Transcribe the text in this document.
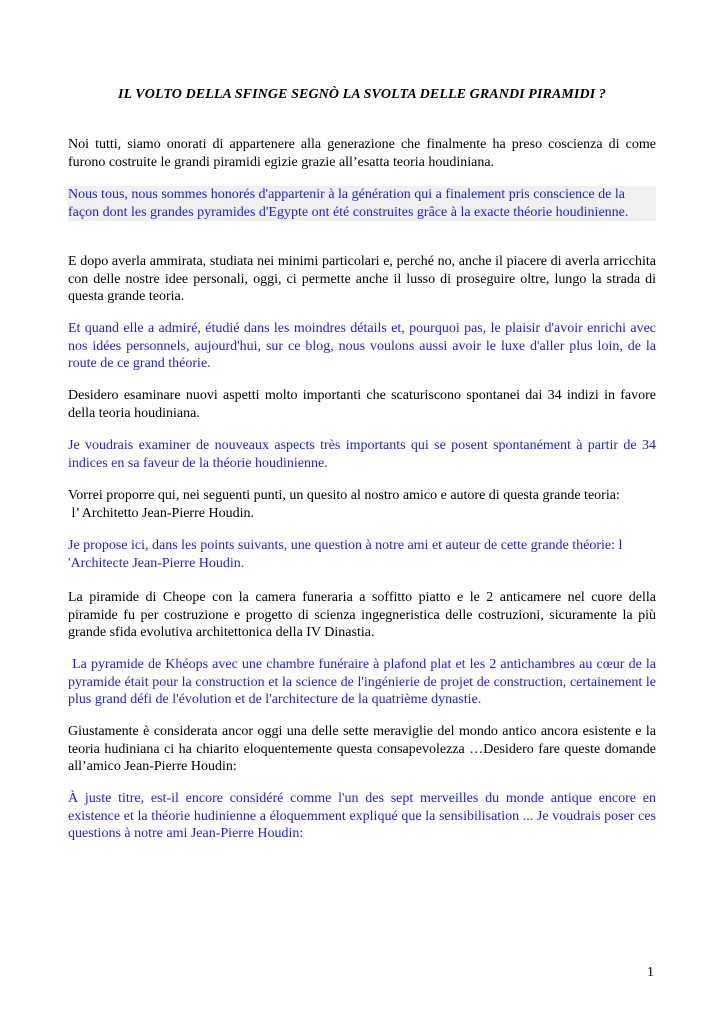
IL VOLTO DELLA SFINGE SEGNÒ LA SVOLTA DELLE GRANDI PIRAMIDI ?

Noi tutti, siamo onorati di appartenere alla generazione che finalmente ha preso coscienza di come furono costruite le grandi piramidi egizie grazie all’esatta teoria houdiniana.

Nous tous, nous sommes honorés d'appartenir à la génération qui a finalement pris conscience de la façon dont les grandes pyramides d'Egypte ont été construites grâce à la exacte théorie houdinienne.

E dopo averla ammirata, studiata nei minimi particolari e, perché no, anche il piacere di averla arricchita con delle nostre idee personali, oggi, ci permette anche il lusso di proseguire oltre, lungo la strada di questa grande teoria.

Et quand elle a admiré, étudié dans les moindres détails et, pourquoi pas, le plaisir d'avoir enrichi avec nos idées personnels, aujourd'hui, sur ce blog, nous voulons aussi avoir le luxe d'aller plus loin, de la route de ce grand théorie.

Desidero esaminare nuovi aspetti molto importanti che scaturiscono spontanei dai 34 indizi in favore della teoria houdiniana.

Je voudrais examiner de nouveaux aspects très importants qui se posent spontanément à partir de 34 indices en sa faveur de la théorie houdinienne.

Vorrei proporre qui, nei seguenti punti, un quesito al nostro amico e autore di questa grande teoria:
l’ Architetto Jean-Pierre Houdin.

Je propose ici, dans les points suivants, une question à notre ami et auteur de cette grande théorie: l 'Architecte Jean-Pierre Houdin.

La piramide di Cheope con la camera funeraria a soffitto piatto e le 2 anticamere nel cuore della piramide fu per costruzione e progetto di scienza ingegneristica delle costruzioni, sicuramente la più grande sfida evolutiva architettonica della IV Dinastia.

La pyramide de Khéops avec une chambre funéraire à plafond plat et les 2 antichambres au cœur de la pyramide était pour la construction et la science de l'ingénierie de projet de construction, certainement le plus grand défi de l'évolution et de l'architecture de la quatrième dynastie.

Giustamente è considerata ancor oggi una delle sette meraviglie del mondo antico ancora esistente e la teoria hudiniana ci ha chiarito eloquentemente questa consapevolezza …Desidero fare queste domande all’amico Jean-Pierre Houdin:

À juste titre, est-il encore considéré comme l'un des sept merveilles du monde antique encore en existence et la théorie hudinienne a éloquemment expliqué que la sensibilisation ... Je voudrais poser ces questions à notre ami Jean-Pierre Houdin:

1
